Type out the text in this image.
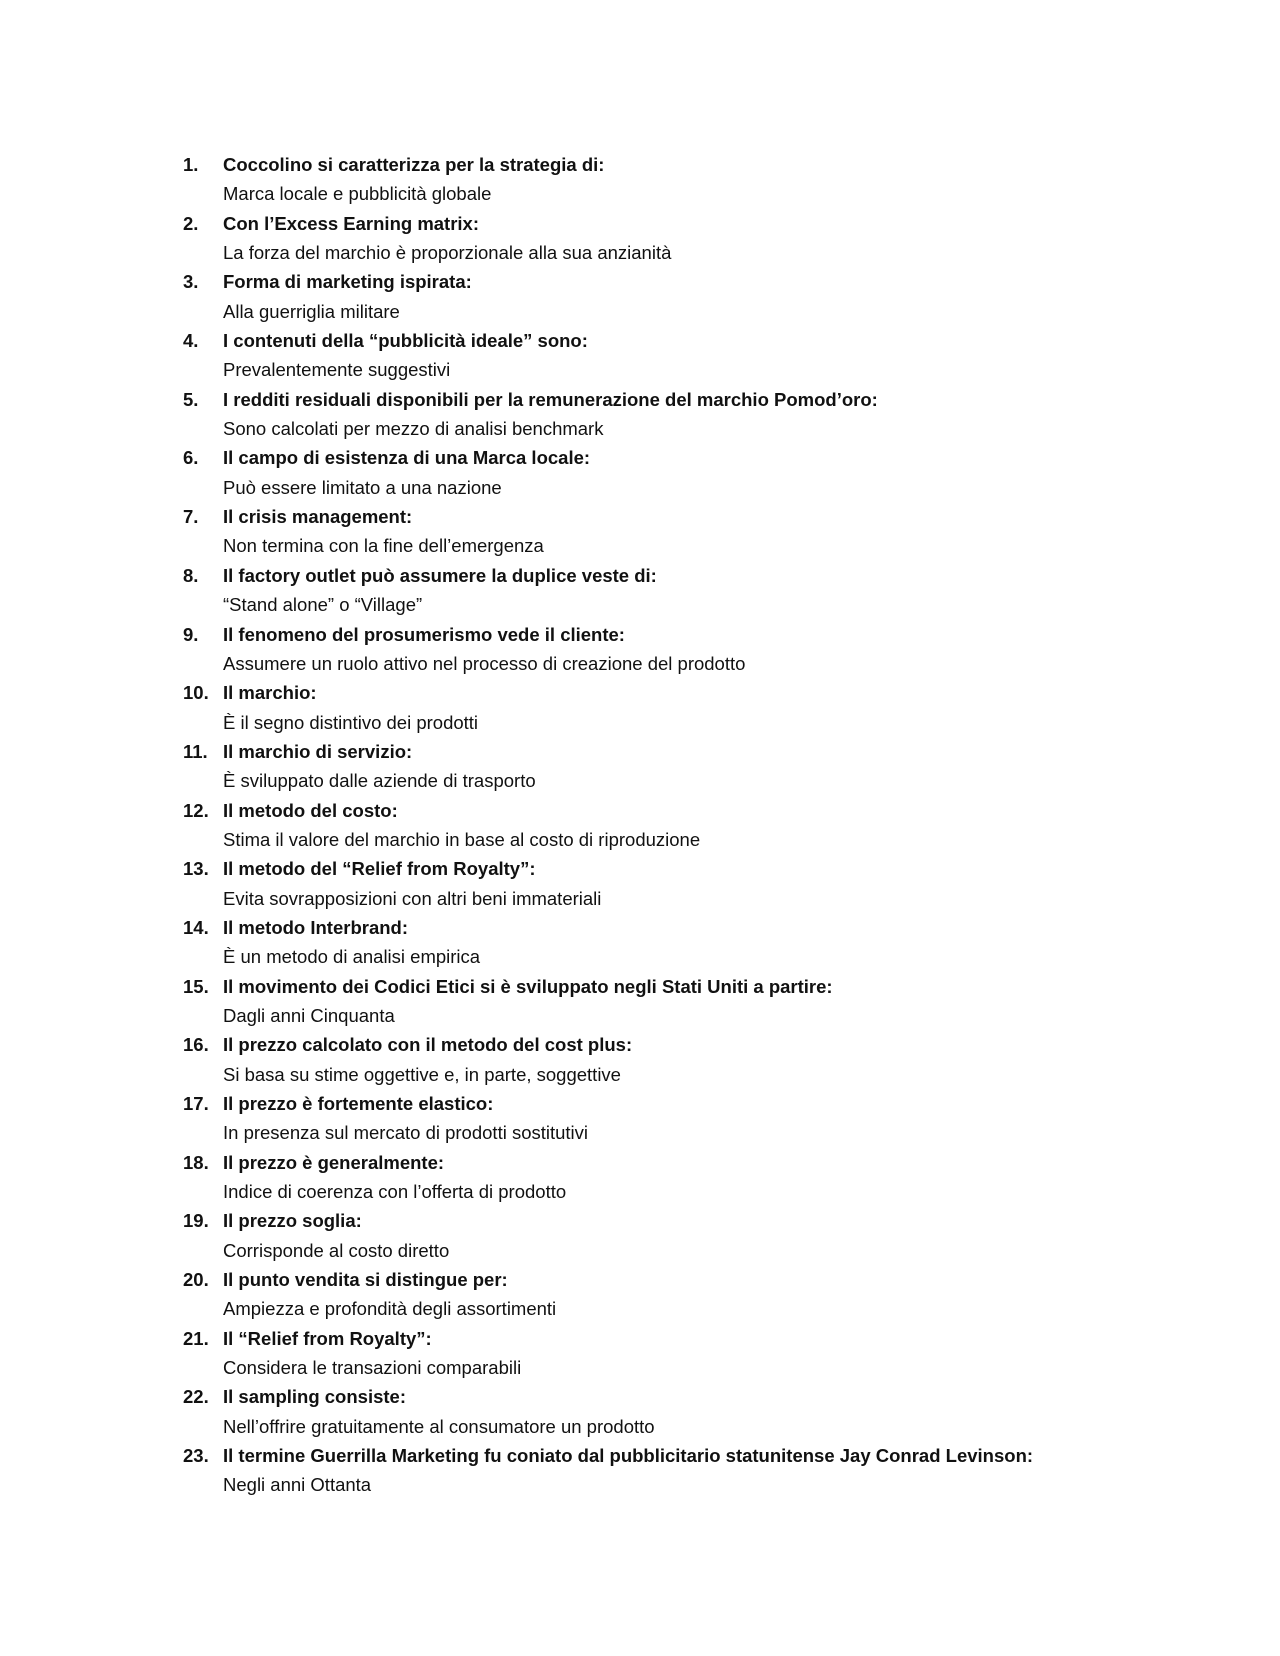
1.	Coccolino si caratterizza per la strategia di:
Marca locale e pubblicità globale
2.	Con l’Excess Earning matrix:
La forza del marchio è proporzionale alla sua anzianità
3.	Forma di marketing ispirata:
Alla guerriglia militare
4.	I contenuti della “pubblicità ideale” sono:
Prevalentemente suggestivi
5.	I redditi residuali disponibili per la remunerazione del marchio Pomod’oro:
Sono calcolati per mezzo di analisi benchmark
6.	Il campo di esistenza di una Marca locale:
Può essere limitato a una nazione
7.	Il crisis management:
Non termina con la fine dell’emergenza
8.	Il factory outlet può assumere la duplice veste di:
“Stand alone” o “Village”
9.	Il fenomeno del prosumerismo vede il cliente:
Assumere un ruolo attivo nel processo di creazione del prodotto
10. Il marchio:
È il segno distintivo dei prodotti
11. Il marchio di servizio:
È sviluppato dalle aziende di trasporto
12. Il metodo del costo:
Stima il valore del marchio in base al costo di riproduzione
13. Il metodo del “Relief from Royalty”:
Evita sovrapposizioni con altri beni immateriali
14. Il metodo Interbrand:
È un metodo di analisi empirica
15. Il movimento dei Codici Etici si è sviluppato negli Stati Uniti a partire:
Dagli anni Cinquanta
16. Il prezzo calcolato con il metodo del cost plus:
Si basa su stime oggettive e, in parte, soggettive
17. Il prezzo è fortemente elastico:
In presenza sul mercato di prodotti sostitutivi
18. Il prezzo è generalmente:
Indice di coerenza con l’offerta di prodotto
19. Il prezzo soglia:
Corrisponde al costo diretto
20. Il punto vendita si distingue per:
Ampiezza e profondità degli assortimenti
21. Il “Relief from Royalty”:
Considera le transazioni comparabili
22. Il sampling consiste:
Nell’offrire gratuitamente al consumatore un prodotto
23. Il termine Guerrilla Marketing fu coniato dal pubblicitario statunitense Jay Conrad Levinson:
Negli anni Ottanta
